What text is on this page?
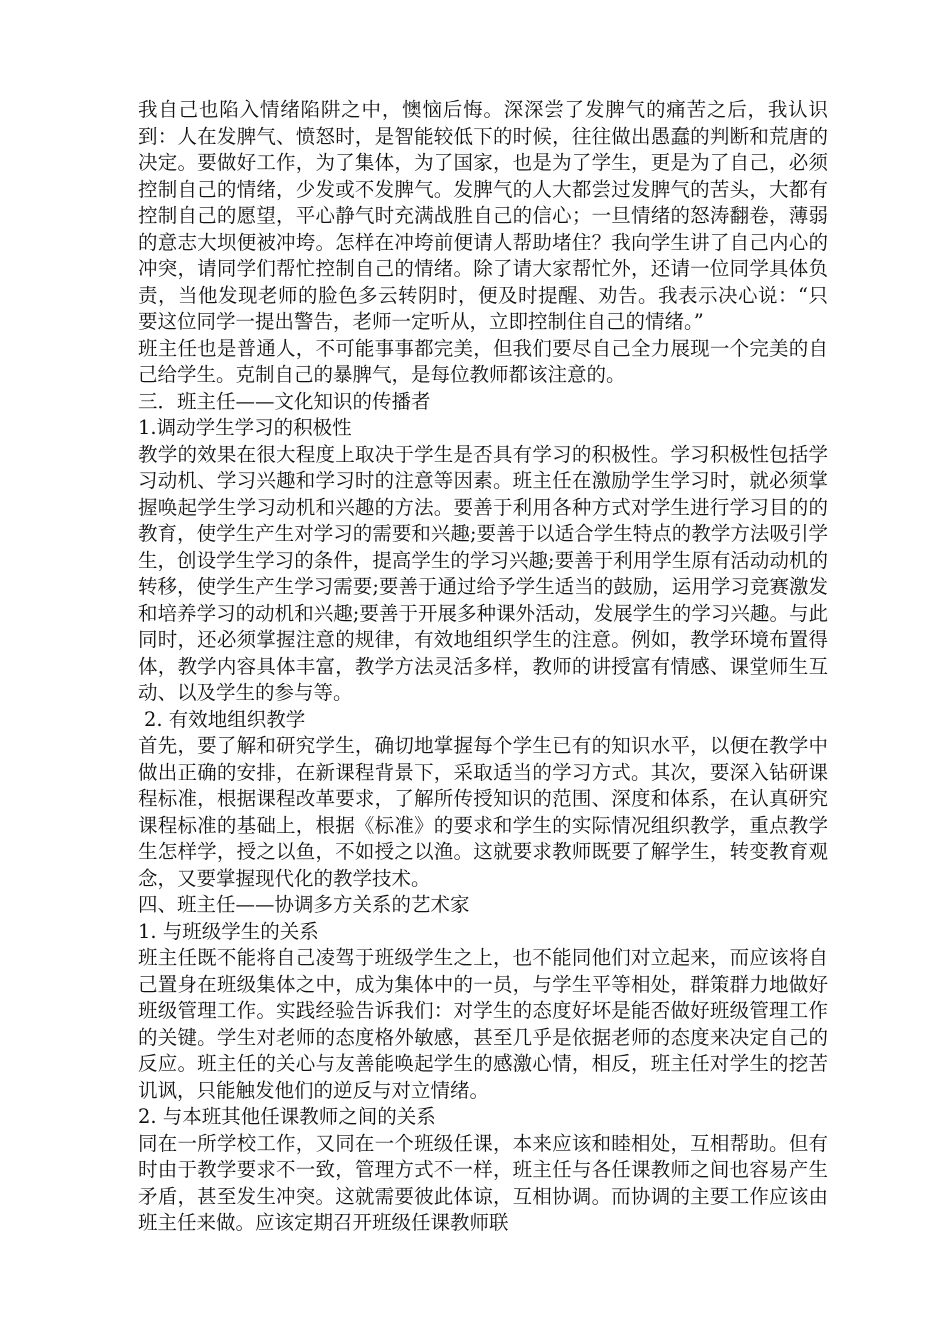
我自己也陷入情绪陷阱之中，懊恼后悔。深深尝了发脾气的痛苦之后，我认识到：人在发脾气、愤怒时，是智能较低下的时候，往往做出愚蠢的判断和荒唐的决定。要做好工作，为了集体，为了国家，也是为了学生，更是为了自己，必须控制自己的情绪，少发或不发脾气。发脾气的人大都尝过发脾气的苦头，大都有控制自己的愿望，平心静气时充满战胜自己的信心；一旦情绪的怒涛翻卷，薄弱的意志大坝便被冲垮。怎样在冲垮前便请人帮助堵住？我向学生讲了自己内心的冲突，请同学们帮忙控制自己的情绪。除了请大家帮忙外，还请一位同学具体负责，当他发现老师的脸色多云转阴时，便及时提醒、劝告。我表示决心说：“只要这位同学一提出警告，老师一定听从，立即控制住自己的情绪。”

班主任也是普通人，不可能事事都完美，但我们要尽自己全力展现一个完美的自己给学生。克制自己的暴脾气，是每位教师都该注意的。

三．班主任——文化知识的传播者

1.调动学生学习的积极性

教学的效果在很大程度上取决于学生是否具有学习的积极性。学习积极性包括学习动机、学习兴趣和学习时的注意等因素。班主任在激励学生学习时，就必须掌握唤起学生学习动机和兴趣的方法。要善于利用各种方式对学生进行学习目的的教育，使学生产生对学习的需要和兴趣;要善于以适合学生特点的教学方法吸引学生，创设学生学习的条件，提高学生的学习兴趣;要善于利用学生原有活动动机的转移，使学生产生学习需要;要善于通过给予学生适当的鼓励，运用学习竞赛激发和培养学习的动机和兴趣;要善于开展多种课外活动，发展学生的学习兴趣。与此同时，还必须掌握注意的规律，有效地组织学生的注意。例如，教学环境布置得体，教学内容具体丰富，教学方法灵活多样，教师的讲授富有情感、课堂师生互动、以及学生的参与等。

2. 有效地组织教学

首先，要了解和研究学生，确切地掌握每个学生已有的知识水平，以便在教学中做出正确的安排，在新课程背景下，采取适当的学习方式。其次，要深入钻研课程标准，根据课程改革要求，了解所传授知识的范围、深度和体系，在认真研究课程标准的基础上，根据《标准》的要求和学生的实际情况组织教学，重点教学生怎样学，授之以鱼，不如授之以渔。这就要求教师既要了解学生，转变教育观念，又要掌握现代化的教学技术。

四、班主任——协调多方关系的艺术家

1. 与班级学生的关系

班主任既不能将自己凌驾于班级学生之上，也不能同他们对立起来，而应该将自己置身在班级集体之中，成为集体中的一员，与学生平等相处，群策群力地做好班级管理工作。实践经验告诉我们：对学生的态度好坏是能否做好班级管理工作的关键。学生对老师的态度格外敏感，甚至几乎是依据老师的态度来决定自己的反应。班主任的关心与友善能唤起学生的感激心情，相反，班主任对学生的挖苦讥讽，只能触发他们的逆反与对立情绪。

2. 与本班其他任课教师之间的关系

同在一所学校工作，又同在一个班级任课，本来应该和睦相处，互相帮助。但有时由于教学要求不一致，管理方式不一样，班主任与各任课教师之间也容易产生矛盾，甚至发生冲突。这就需要彼此体谅，互相协调。而协调的主要工作应该由班主任来做。应该定期召开班级任课教师联
